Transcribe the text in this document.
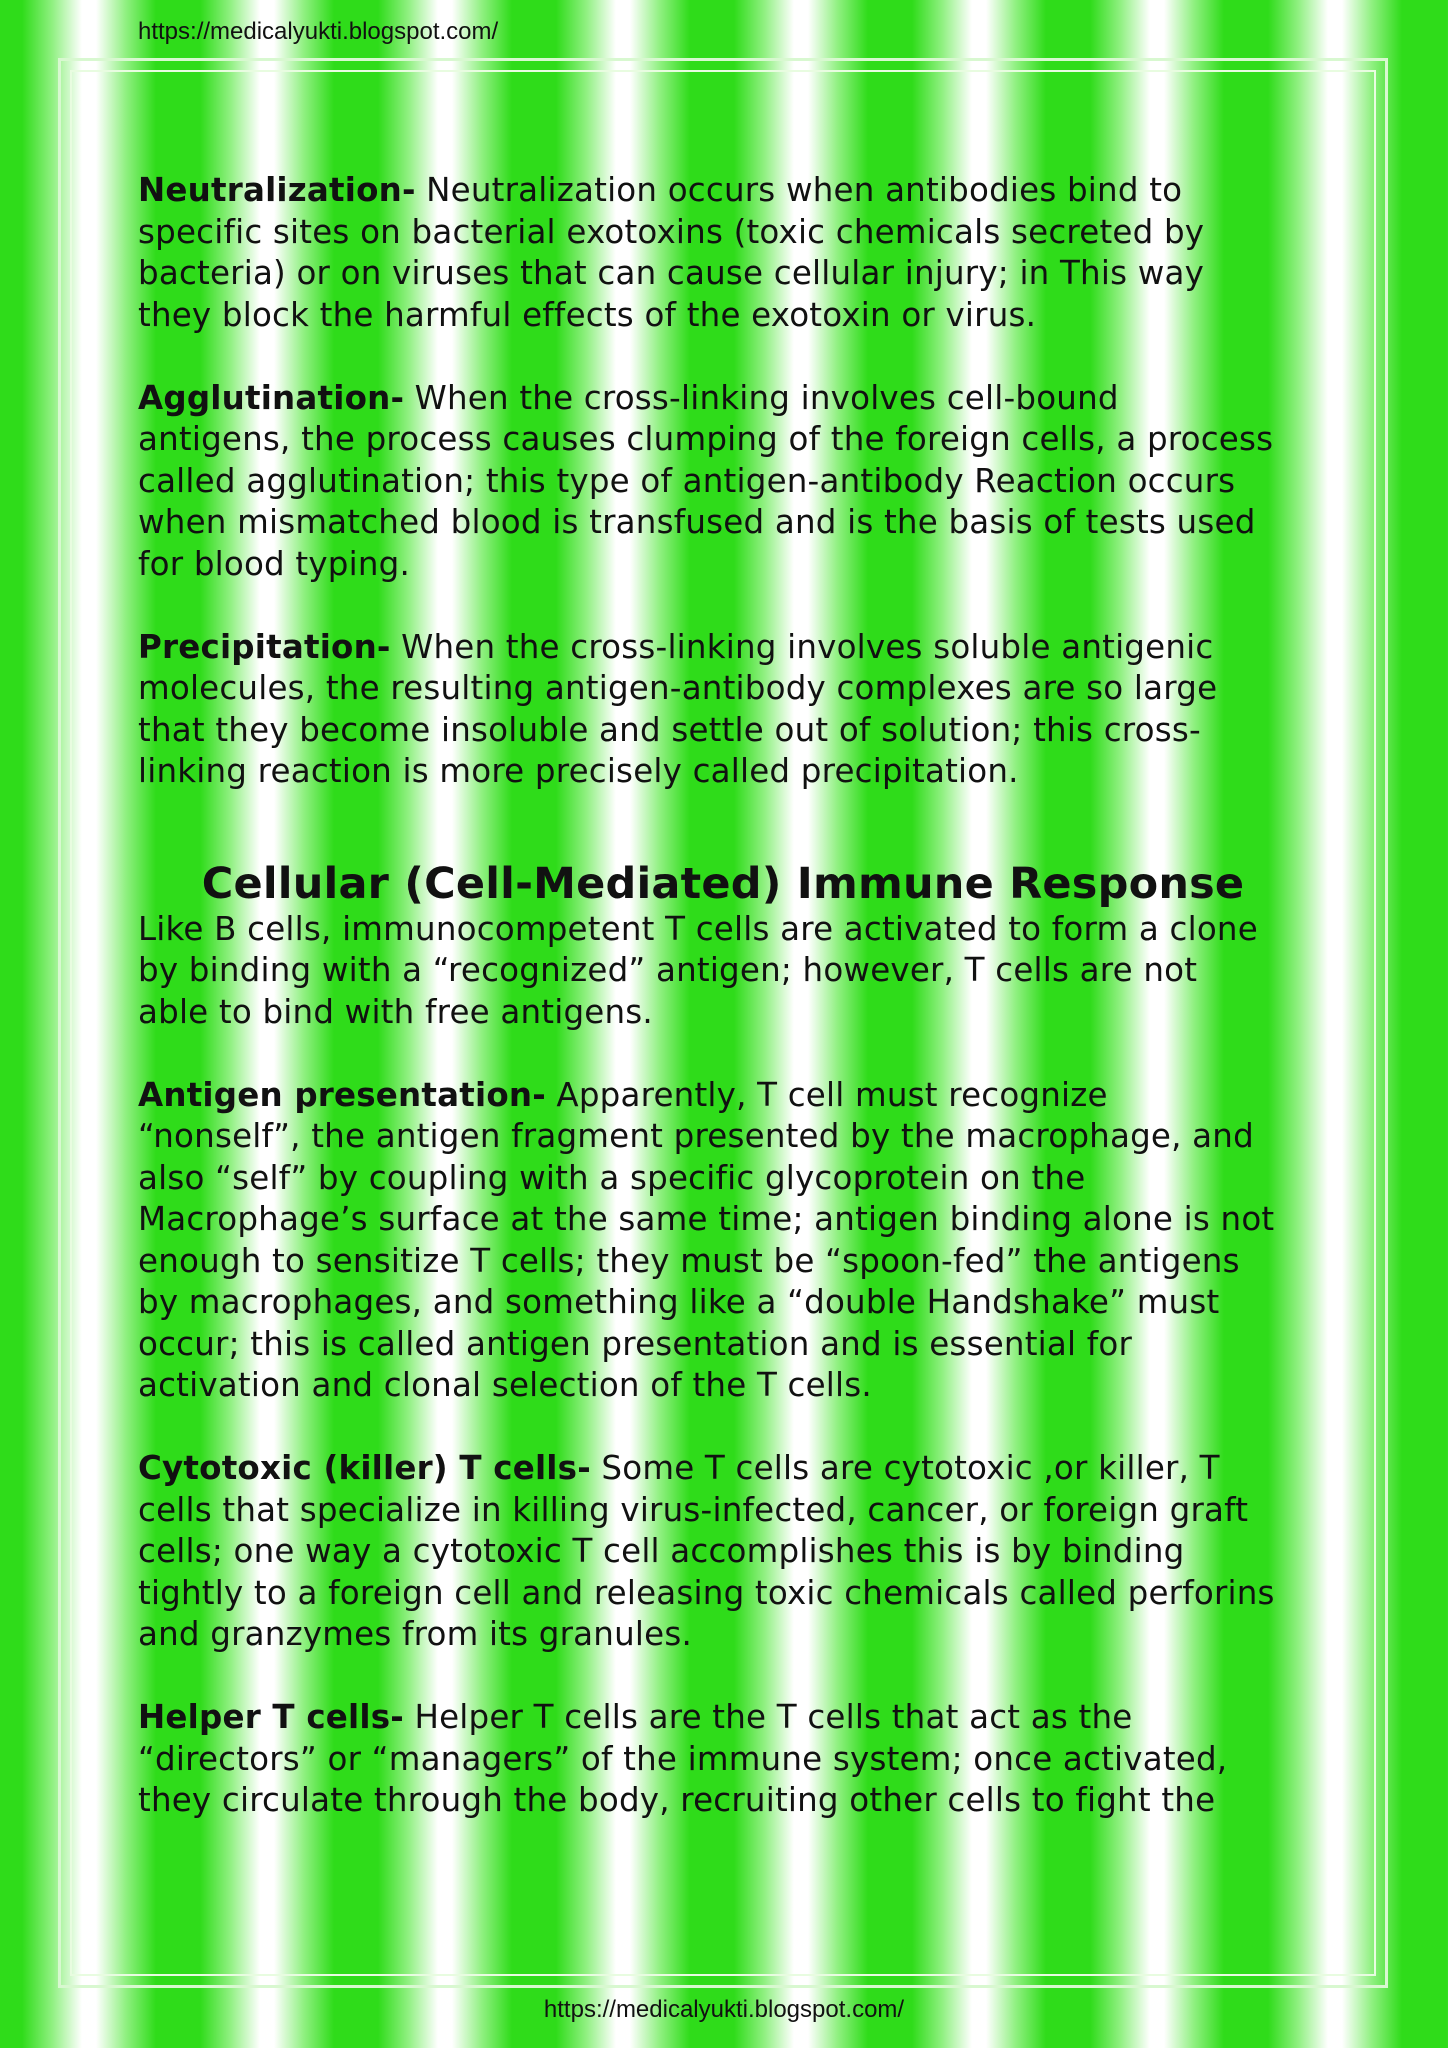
https://medicalyukti.blogspot.com/

Neutralization- Neutralization occurs when antibodies bind to specific sites on bacterial exotoxins (toxic chemicals secreted by bacteria) or on viruses that can cause cellular injury; in This way they block the harmful effects of the exotoxin or virus.

Agglutination- When the cross-linking involves cell-bound antigens, the process causes clumping of the foreign cells, a process called agglutination; this type of antigen-antibody Reaction occurs when mismatched blood is transfused and is the basis of tests used for blood typing.

Precipitation- When the cross-linking involves soluble antigenic molecules, the resulting antigen-antibody complexes are so large that they become insoluble and settle out of solution; this cross-linking reaction is more precisely called precipitation.

Cellular (Cell-Mediated) Immune Response

Like B cells, immunocompetent T cells are activated to form a clone by binding with a “recognized” antigen; however, T cells are not able to bind with free antigens.

Antigen presentation- Apparently, T cell must recognize “nonself”, the antigen fragment presented by the macrophage, and also “self” by coupling with a specific glycoprotein on the Macrophage’s surface at the same time; antigen binding alone is not enough to sensitize T cells; they must be “spoon-fed” the antigens by macrophages, and something like a “double Handshake” must occur; this is called antigen presentation and is essential for activation and clonal selection of the T cells.

Cytotoxic (killer) T cells- Some T cells are cytotoxic ,or killer, T cells that specialize in killing virus-infected, cancer, or foreign graft cells; one way a cytotoxic T cell accomplishes this is by binding tightly to a foreign cell and releasing toxic chemicals called perforins and granzymes from its granules.

Helper T cells- Helper T cells are the T cells that act as the “directors” or “managers” of the immune system; once activated, they circulate through the body, recruiting other cells to fight the

https://medicalyukti.blogspot.com/
